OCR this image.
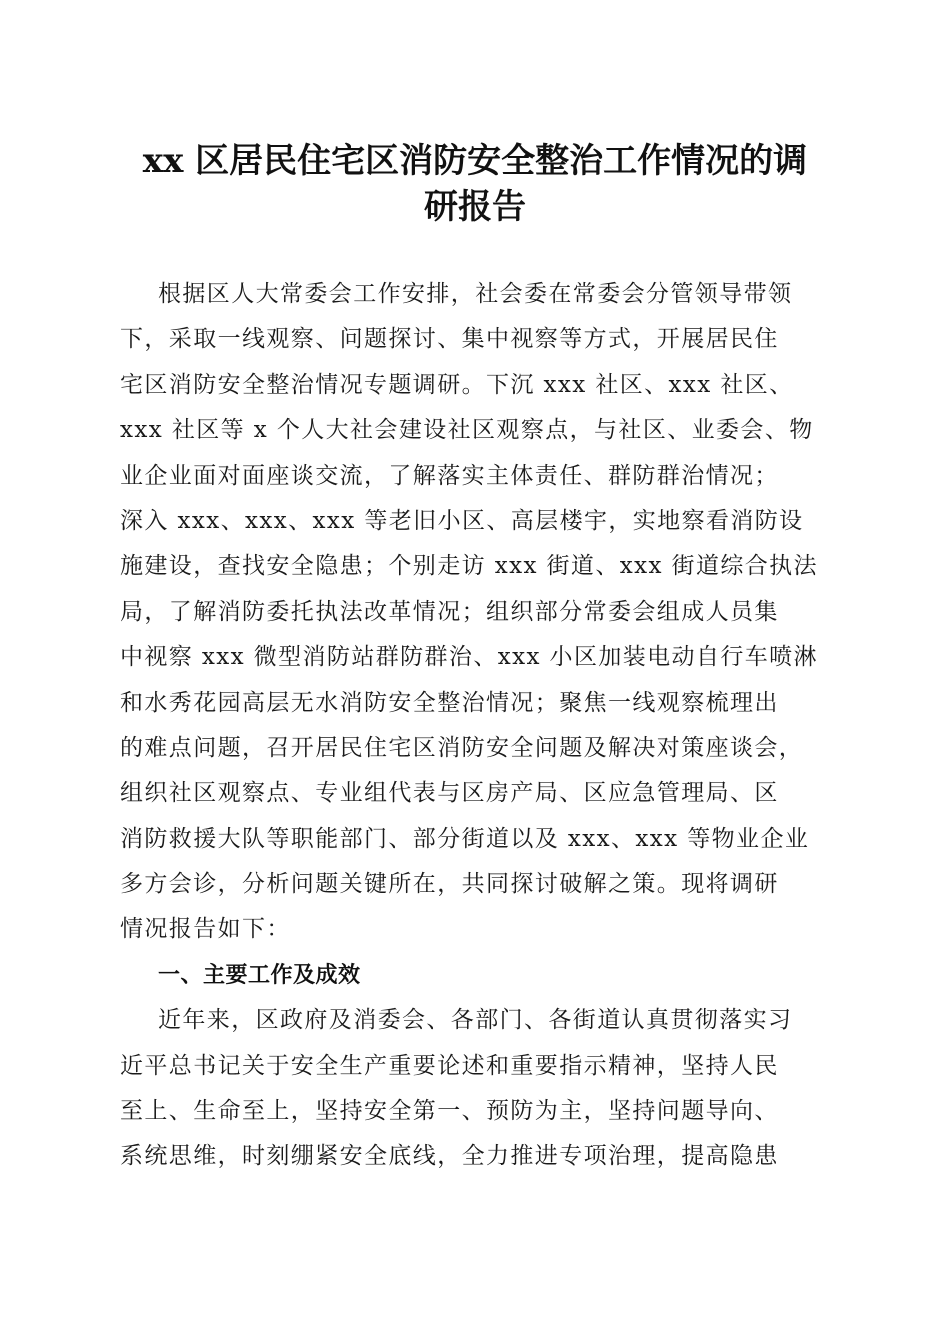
xx 区居民住宅区消防安全整治工作情况的调
研报告
根据区人大常委会工作安排，社会委在常委会分管领导带领
下，采取一线观察、问题探讨、集中视察等方式，开展居民住
宅区消防安全整治情况专题调研。下沉 xxx 社区、xxx 社区、
xxx 社区等 x 个人大社会建设社区观察点，与社区、业委会、物
业企业面对面座谈交流，了解落实主体责任、群防群治情况；
深入 xxx、xxx、xxx 等老旧小区、高层楼宇，实地察看消防设
施建设，查找安全隐患；个别走访 xxx 街道、xxx 街道综合执法
局，了解消防委托执法改革情况；组织部分常委会组成人员集
中视察 xxx 微型消防站群防群治、xxx 小区加装电动自行车喷淋
和水秀花园高层无水消防安全整治情况；聚焦一线观察梳理出
的难点问题，召开居民住宅区消防安全问题及解决对策座谈会，
组织社区观察点、专业组代表与区房产局、区应急管理局、区
消防救援大队等职能部门、部分街道以及 xxx、xxx 等物业企业
多方会诊，分析问题关键所在，共同探讨破解之策。现将调研
情况报告如下：
一、主要工作及成效
近年来，区政府及消委会、各部门、各街道认真贯彻落实习
近平总书记关于安全生产重要论述和重要指示精神，坚持人民
至上、生命至上，坚持安全第一、预防为主，坚持问题导向、
系统思维，时刻绷紧安全底线，全力推进专项治理，提高隐患
